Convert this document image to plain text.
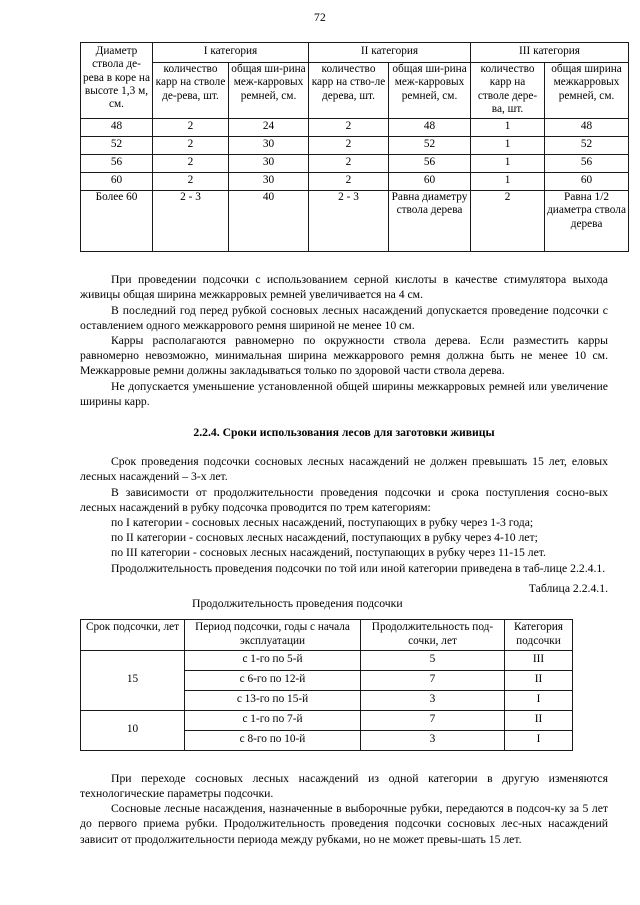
72
Диаметр ствола де-рева в коре на высоте 1,3 м, см.	I категория		II категория		III категория	
	количество карр на стволе де-рева, шт.	общая ши-рина меж-карровых ремней, см.	количество карр на ство-ле дерева, шт.	общая ши-рина меж-карровых ремней, см.	количество карр на стволе дере-ва, шт.	общая ширина межкарровых ремней, см.
48	2	24	2	48	1	48
52	2	30	2	52	1	52
56	2	30	2	56	1	56
60	2	30	2	60	1	60
Более 60	2 - 3	40	2 - 3	Равна диаметру ствола дерева	2	Равна 1/2 диаметра ствола дерева

При проведении подсочки с использованием серной кислоты в качестве стимулятора выхода живицы общая ширина межкарровых ремней увеличивается на 4 см.

В последний год перед рубкой сосновых лесных насаждений допускается проведение подсочки с оставлением одного межкаррового ремня шириной не менее 10 см.

Карры располагаются равномерно по окружности ствола дерева. Если разместить карры равномерно невозможно, минимальная ширина межкаррового ремня должна быть не менее 10 см. Межкарровые ремни должны закладываться только по здоровой части ствола дерева.

Не допускается уменьшение установленной общей ширины межкарровых ремней или увеличение ширины карр.

2.2.4. Сроки использования лесов для заготовки живицы

Срок проведения подсочки сосновых лесных насаждений не должен превышать 15 лет, еловых лесных насаждений – 3-х лет.

В зависимости от продолжительности проведения подсочки и срока поступления сосно-вых лесных насаждений в рубку подсочка проводится по трем категориям:

по I категории - сосновых лесных насаждений, поступающих в рубку через 1-3 года;

по II категории - сосновых лесных насаждений, поступающих в рубку через 4-10 лет;

по III категории - сосновых лесных насаждений, поступающих в рубку через 11-15 лет.

Продолжительность проведения подсочки по той или иной категории приведена в таб-лице 2.2.4.1.

Таблица 2.2.4.1.

Продолжительность проведения подсочки

Срок подсочки, лет	Период подсочки, годы с начала эксплуатации	Продолжительность под-сочки, лет	Категория подсочки
15	с 1-го по 5-й	5	III
	с 6-го по 12-й	7	II
	с 13-го по 15-й	3	I
10	с 1-го по 7-й	7	II
	с 8-го по 10-й	3	I

При переходе сосновых лесных насаждений из одной категории в другую изменяются технологические параметры подсочки.

Сосновые лесные насаждения, назначенные в выборочные рубки, передаются в подсоч-ку за 5 лет до первого приема рубки. Продолжительность проведения подсочки сосновых лес-ных насаждений зависит от продолжительности периода между рубками, но не может превы-шать 15 лет.
